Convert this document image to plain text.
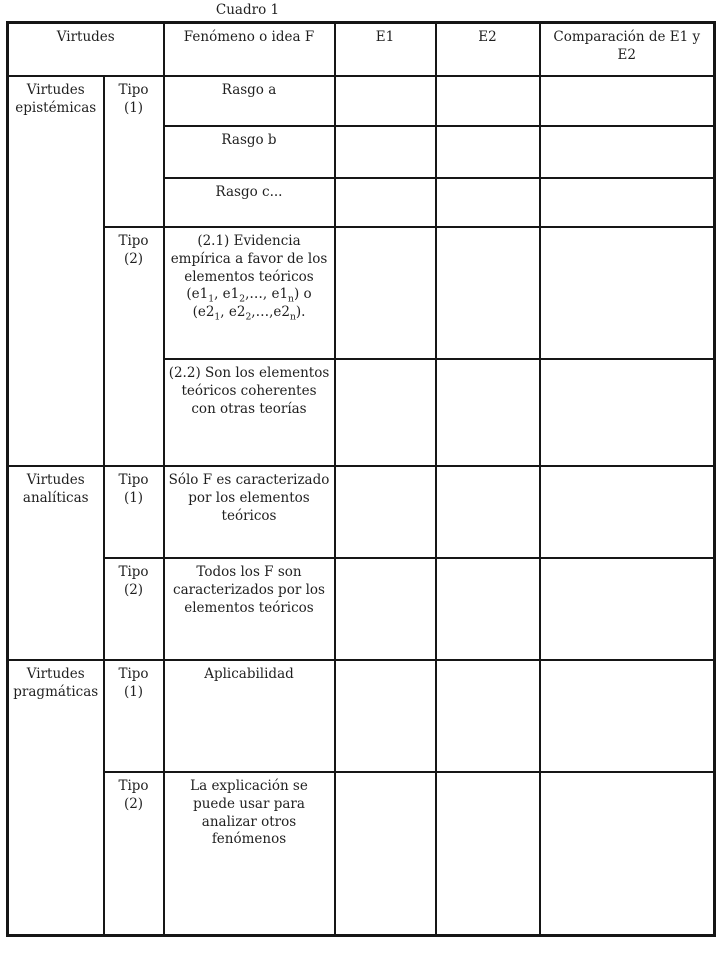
Cuadro 1
Virtudes		Fenómeno o idea F	E1	E2	Comparación de E1 y E2
Virtudes epistémicas	Tipo (1)	Rasgo a			
		Rasgo b			
		Rasgo c...			
	Tipo (2)	(2.1) Evidencia empírica a favor de los elementos teóricos ($e1_1$, $e1_2,\dots$, $e1_n$) o ($e2_1$, $e2_2,\dots,e2_n$).			
		(2.2) Son los elementos teóricos coherentes con otras teorías			
Virtudes analíticas	Tipo (1)	Sólo F es caracterizado por los elementos teóricos			
	Tipo (2)	Todos los F son caracterizados por los elementos teóricos			
Virtudes pragmáticas	Tipo (1)	Aplicabilidad			
	Tipo (2)	La explicación se puede usar para analizar otros fenómenos			
